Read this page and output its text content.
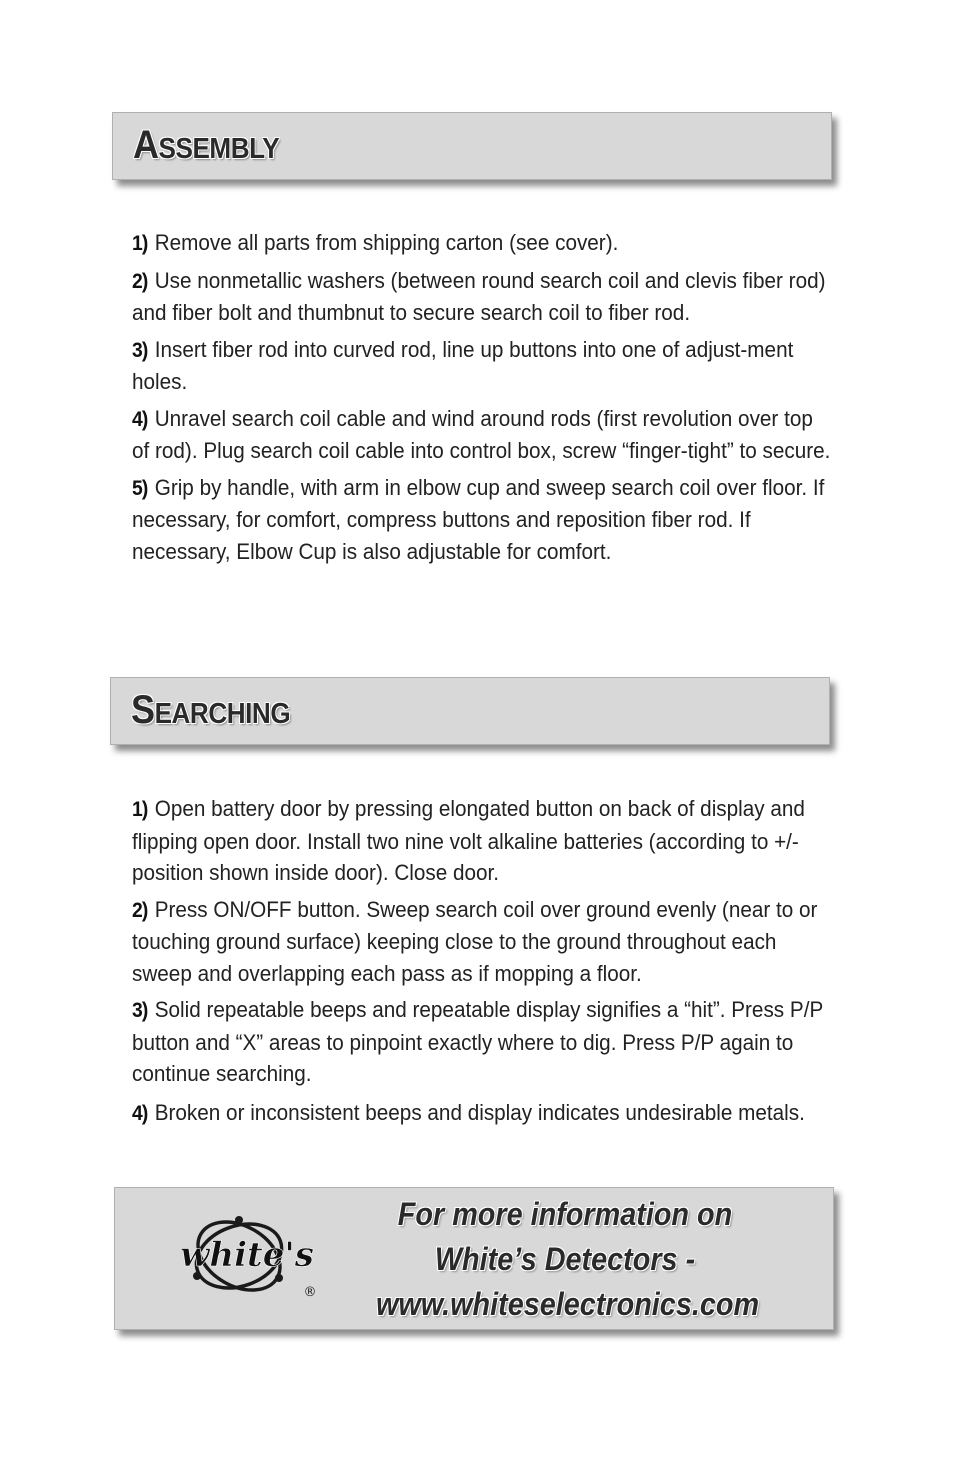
ASSEMBLY
1) Remove all parts from shipping carton (see cover).
2) Use nonmetallic washers (between round search coil and clevis fiber rod) and fiber bolt and thumbnut to secure search coil to fiber rod.
3) Insert fiber rod into curved rod, line up buttons into one of adjust-ment holes.
4) Unravel search coil cable and wind around rods (first revolution over top of rod). Plug search coil cable into control box, screw “finger-tight” to secure.
5) Grip by handle, with arm in elbow cup and sweep search coil over floor. If necessary, for comfort, compress buttons and reposition fiber rod. If necessary, Elbow Cup is also adjustable for comfort.
SEARCHING
1) Open battery door by pressing elongated button on back of display and flipping open door. Install two nine volt alkaline batteries (according to +/- position shown inside door). Close door.
2) Press ON/OFF button. Sweep search coil over ground evenly (near to or touching ground surface) keeping close to the ground throughout each sweep and overlapping each pass as if mopping a floor.
3) Solid repeatable beeps and repeatable display signifies a “hit”. Press P/P button and “X” areas to pinpoint exactly where to dig. Press P/P again to continue searching.
4) Broken or inconsistent beeps and display indicates undesirable metals.
white's
®
For more information on
White’s Detectors -
www.whiteselectronics.com
